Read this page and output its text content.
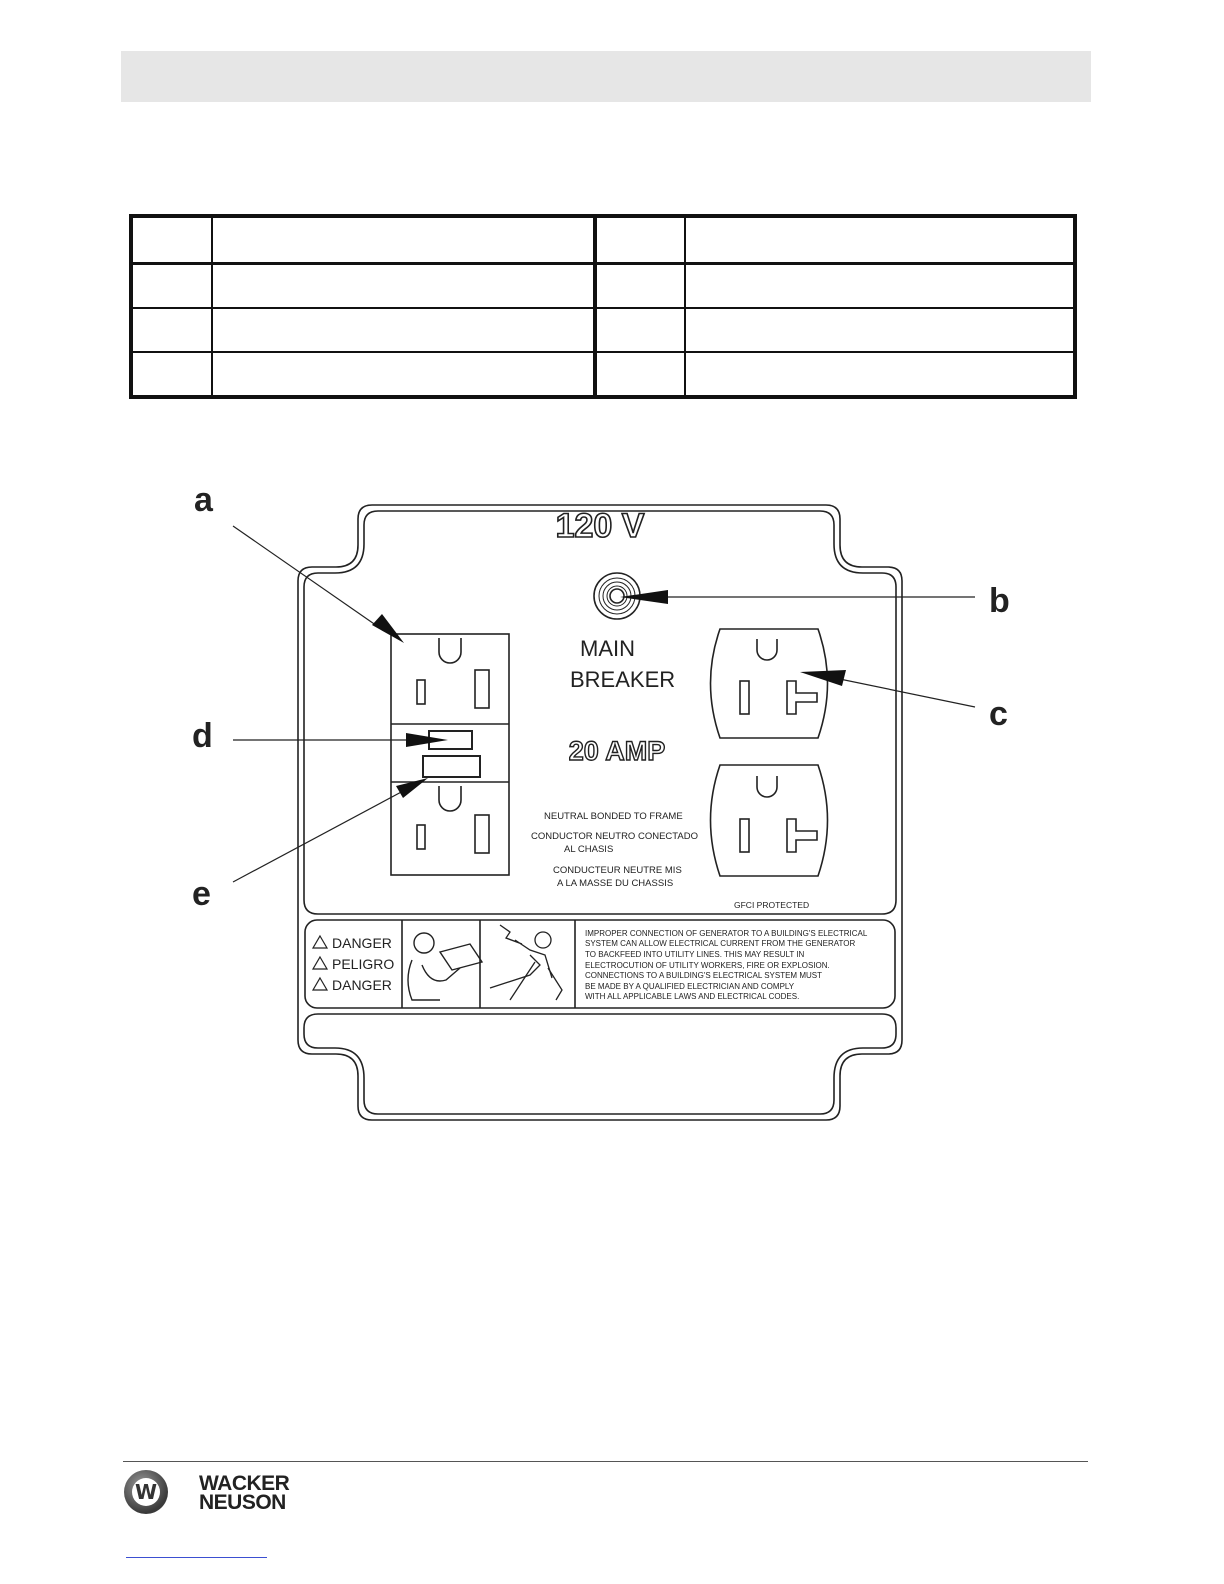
120 V
MAIN
BREAKER
20 AMP
NEUTRAL BONDED TO FRAME
CONDUCTOR NEUTRO CONECTADO
AL CHASIS
CONDUCTEUR NEUTRE MIS
A LA MASSE DU CHASSIS
GFCI PROTECTED
DANGER
PELIGRO
DANGER
IMPROPER CONNECTION OF GENERATOR TO A BUILDING'S ELECTRICAL
SYSTEM CAN ALLOW ELECTRICAL CURRENT FROM THE GENERATOR
TO BACKFEED INTO UTILITY LINES. THIS MAY RESULT IN
ELECTROCUTION OF UTILITY WORKERS, FIRE OR EXPLOSION.
CONNECTIONS TO A BUILDING'S ELECTRICAL SYSTEM MUST
BE MADE BY A QUALIFIED ELECTRICIAN AND COMPLY
WITH ALL APPLICABLE LAWS AND ELECTRICAL CODES.
a
b
c
d
e
W WACKER
NEUSON
